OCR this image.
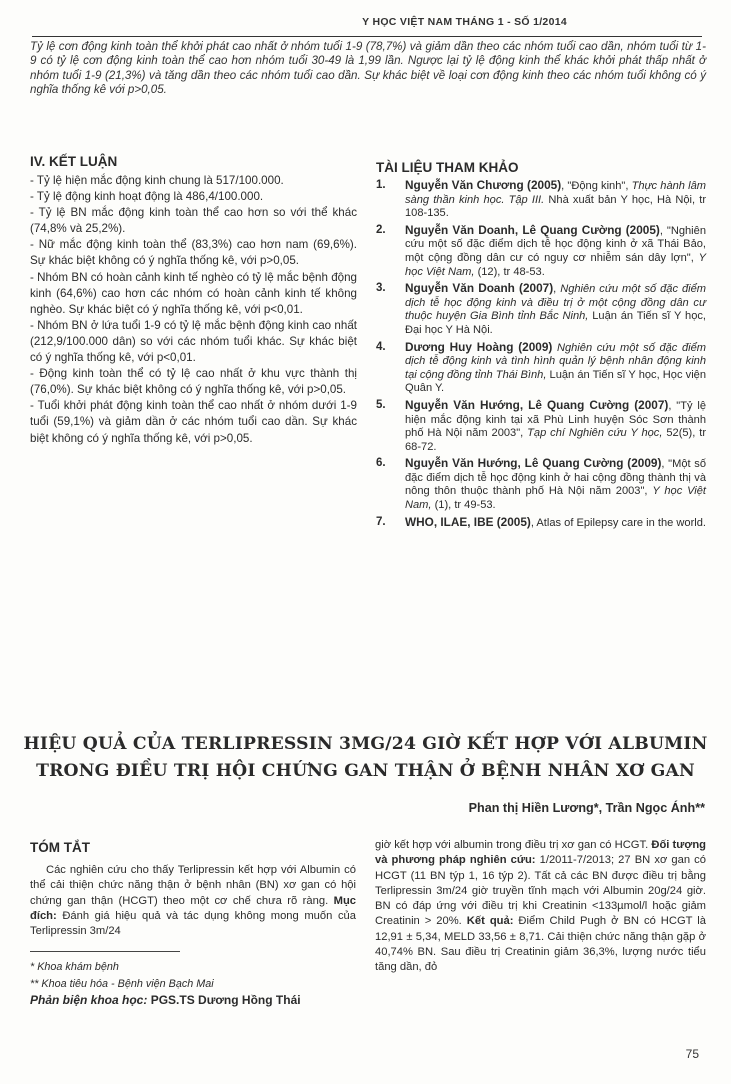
Y HỌC VIỆT NAM THÁNG 1 - SỐ 1/2014
Tỷ lệ cơn động kinh toàn thể khởi phát cao nhất ở nhóm tuổi 1-9 (78,7%) và giảm dần theo các nhóm tuổi cao dần, nhóm tuổi từ 1-9 có tỷ lệ cơn động kinh toàn thể cao hơn nhóm tuổi 30-49 là 1,99 lần. Ngược lại tỷ lệ động kinh thể khác khởi phát thấp nhất ở nhóm tuổi 1-9 (21,3%) và tăng dần theo các nhóm tuổi cao dần. Sự khác biệt về loại cơn động kinh theo các nhóm tuổi không có ý nghĩa thống kê với p>0,05.
IV. KẾT LUẬN

- Tỷ lệ hiện mắc động kinh chung là 517/100.000.

- Tỷ lệ động kinh hoạt động là 486,4/100.000.

- Tỷ lệ BN mắc động kinh toàn thể cao hơn so với thể khác (74,8% và 25,2%).

- Nữ mắc động kinh toàn thể (83,3%) cao hơn nam (69,6%). Sự khác biệt không có ý nghĩa thống kê, với p>0,05.

- Nhóm BN có hoàn cảnh kinh tế nghèo có tỷ lệ mắc bệnh động kinh (64,6%) cao hơn các nhóm có hoàn cảnh kinh tế không nghèo. Sự khác biệt có ý nghĩa thống kê, với p<0,01.

- Nhóm BN ở lứa tuổi 1-9 có tỷ lệ mắc bệnh động kinh cao nhất (212,9/100.000 dân) so với các nhóm tuổi khác. Sự khác biệt có ý nghĩa thống kê, với p<0,01.

- Động kinh toàn thể có tỷ lệ cao nhất ở khu vực thành thị (76,0%). Sự khác biệt không có ý nghĩa thống kê, với p>0,05.

- Tuổi khởi phát động kinh toàn thể cao nhất ở nhóm dưới 1-9 tuổi (59,1%) và giảm dần ở các nhóm tuổi cao dần. Sự khác biệt không có ý nghĩa thống kê, với p>0,05.

TÀI LIỆU THAM KHẢO
1. Nguyễn Văn Chương (2005), "Động kinh", Thực hành lâm sàng thần kinh học. Tập III. Nhà xuất bản Y học, Hà Nội, tr 108-135.
2. Nguyễn Văn Doanh, Lê Quang Cường (2005), "Nghiên cứu một số đặc điểm dịch tễ học động kinh ở xã Thái Bảo, một cộng đồng dân cư có nguy cơ nhiễm sán dây lợn", Y học Việt Nam, (12), tr 48-53.
3. Nguyễn Văn Doanh (2007), Nghiên cứu một số đặc điểm dịch tễ học động kinh và điều trị ở một cộng đồng dân cư thuộc huyện Gia Bình tỉnh Bắc Ninh, Luận án Tiến sĩ Y học, Đại học Y Hà Nội.
4. Dương Huy Hoàng (2009) Nghiên cứu một số đặc điểm dịch tễ động kinh và tình hình quản lý bệnh nhân động kinh tại cộng đồng tỉnh Thái Bình, Luận án Tiến sĩ Y học, Học viện Quân Y.
5. Nguyễn Văn Hướng, Lê Quang Cường (2007), "Tỷ lệ hiện mắc động kinh tại xã Phù Linh huyện Sóc Sơn thành phố Hà Nội năm 2003", Tạp chí Nghiên cứu Y học, 52(5), tr 68-72.
6. Nguyễn Văn Hướng, Lê Quang Cường (2009), "Một số đặc điểm dịch tễ học động kinh ở hai cộng đồng thành thị và nông thôn thuộc thành phố Hà Nội năm 2003", Y học Việt Nam, (1), tr 49-53.
7. WHO, ILAE, IBE (2005), Atlas of Epilepsy care in the world.
HIỆU QUẢ CỦA TERLIPRESSIN 3MG/24 GIỜ KẾT HỢP VỚI ALBUMIN
TRONG ĐIỀU TRỊ HỘI CHỨNG GAN THẬN Ở BỆNH NHÂN XƠ GAN
Phan thị Hiền Lương*, Trần Ngọc Ánh**
TÓM TẮT

Các nghiên cứu cho thấy Terlipressin kết hợp với Albumin có thể cải thiện chức năng thận ở bệnh nhân (BN) xơ gan có hội chứng gan thận (HCGT) theo một cơ chế chưa rõ ràng. Mục đích: Đánh giá hiệu quả và tác dụng không mong muốn của Terlipressin 3m/24

* Khoa khám bệnh
** Khoa tiêu hóa - Bệnh viện Bạch Mai
Phản biện khoa học: PGS.TS Dương Hồng Thái

giờ kết hợp với albumin trong điều trị xơ gan có HCGT. Đối tượng và phương pháp nghiên cứu: 1/2011-7/2013; 27 BN xơ gan có HCGT (11 BN týp 1, 16 týp 2). Tất cả các BN được điều trị bằng Terlipressin 3m/24 giờ truyền tĩnh mạch với Albumin 20g/24 giờ. BN có đáp ứng với điều trị khi Creatinin <133µmol/l hoặc giảm Creatinin > 20%. Kết quả: Điểm Child Pugh ở BN có HCGT là 12,91 ± 5,34, MELD 33,56 ± 8,71. Cải thiện chức năng thận gặp ở 40,74% BN. Sau điều trị Creatinin giảm 36,3%, lượng nước tiểu tăng dần, đỏ

75
